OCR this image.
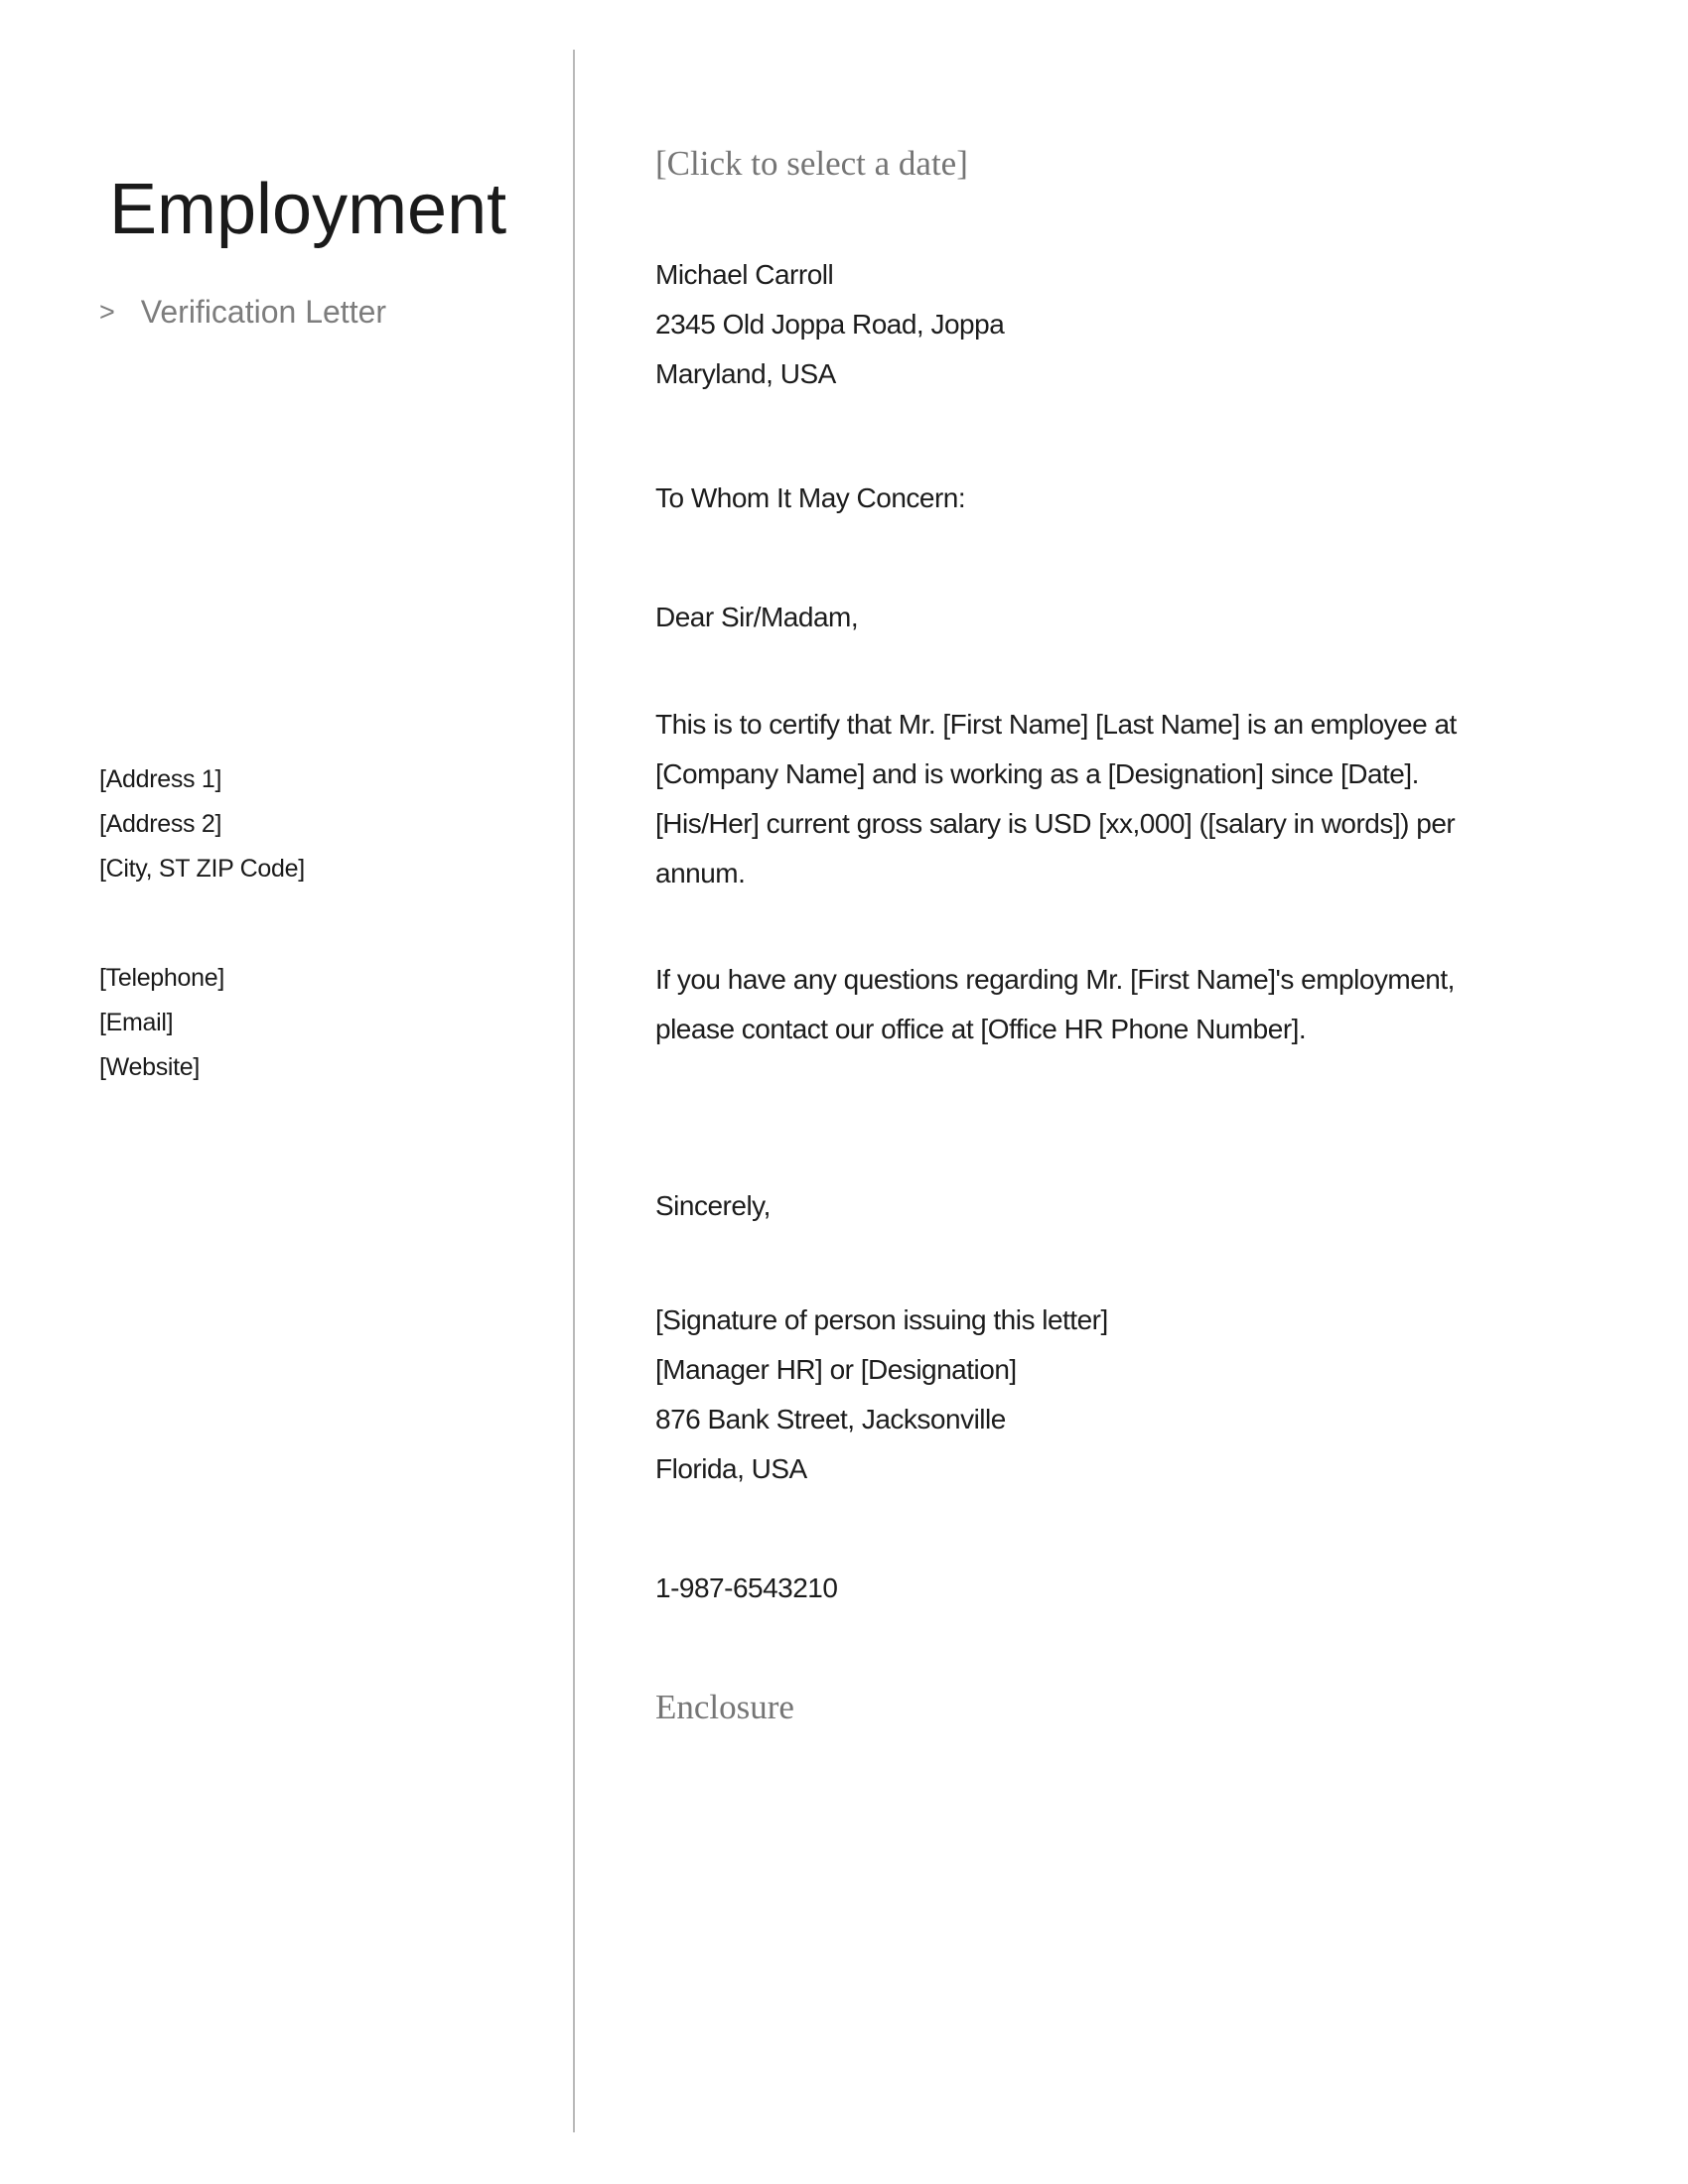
Employment
> Verification Letter
[Address 1]
[Address 2]
[City, ST ZIP Code]
[Telephone]
[Email]
[Website]
[Click to select a date]
Michael Carroll
2345 Old Joppa Road, Joppa
Maryland, USA
To Whom It May Concern:
Dear Sir/Madam,
This is to certify that Mr. [First Name] [Last Name] is an employee at
[Company Name] and is working as a [Designation] since [Date].
[His/Her] current gross salary is USD [xx,000] ([salary in words]) per
annum.
If you have any questions regarding Mr. [First Name]'s employment,
please contact our office at [Office HR Phone Number].
Sincerely,
[Signature of person issuing this letter]
[Manager HR] or [Designation]
876 Bank Street, Jacksonville
Florida, USA
1-987-6543210
Enclosure
